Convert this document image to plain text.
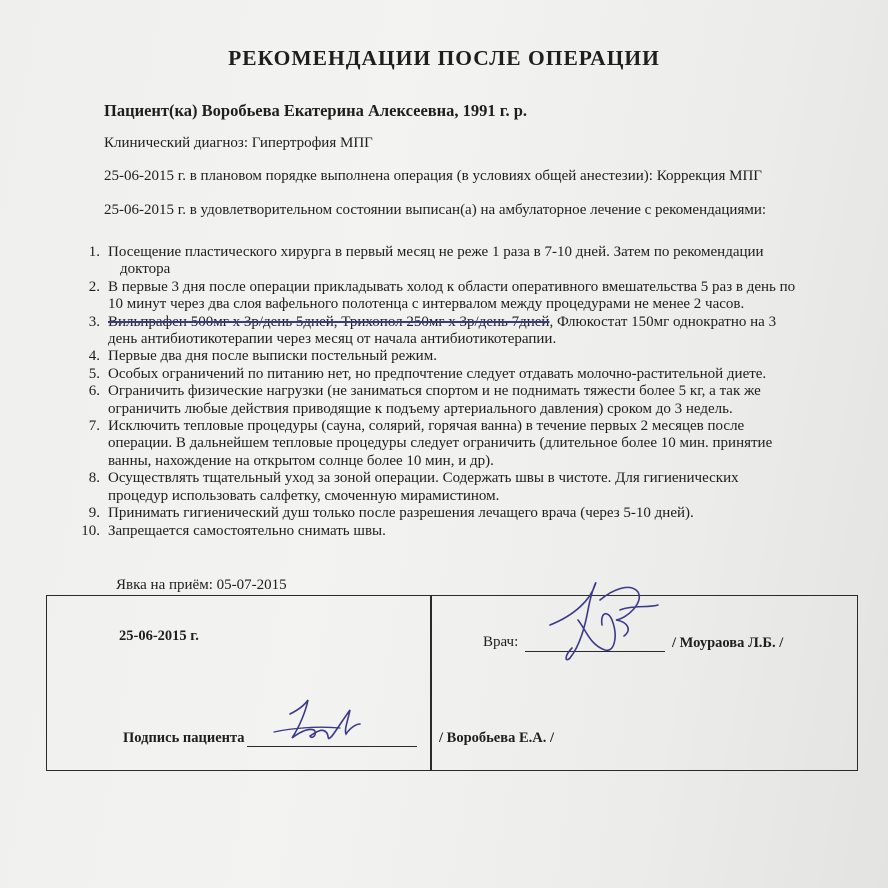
РЕКОМЕНДАЦИИ ПОСЛЕ ОПЕРАЦИИ
Пациент(ка) Воробьева Екатерина Алексеевна, 1991 г. р.
Клинический диагноз: Гипертрофия МПГ
25-06-2015 г. в плановом порядке выполнена операция (в условиях общей анестезии): Коррекция МПГ
25-06-2015 г. в удовлетворительном состоянии выписан(а) на амбулаторное лечение с рекомендациями:
1. Посещение пластического хирурга в первый месяц не реже 1 раза в 7-10 дней. Затем по рекомендации
доктора
2. В первые 3 дня после операции прикладывать холод к области оперативного вмешательства 5 раз в день по
10 минут через два слоя вафельного полотенца с интервалом между процедурами не менее 2 часов.
3. Вильпрафен 500мг х 3р/день 5дней, Трихопол 250мг х 3р/день 7дней, Флюкостат 150мг однократно на 3
день антибиотикотерапии через месяц от начала антибиотикотерапии.
4. Первые два дня после выписки постельный режим.
5. Особых ограничений по питанию нет, но предпочтение следует отдавать молочно-растительной диете.
6. Ограничить физические нагрузки (не заниматься спортом и не поднимать тяжести более 5 кг, а так же
ограничить любые действия приводящие к подъему артериального давления) сроком до 3 недель.
7. Исключить тепловые процедуры (сауна, солярий, горячая ванна) в течение первых 2 месяцев после
операции. В дальнейшем тепловые процедуры следует ограничить (длительное более 10 мин. принятие
ванны, нахождение на открытом солнце более 10 мин, и др).
8. Осуществлять тщательный уход за зоной операции. Содержать швы в чистоте. Для гигиенических
процедур использовать салфетку, смоченную мирамистином.
9. Принимать гигиенический душ только после разрешения лечащего врача (через 5-10 дней).
10. Запрещается самостоятельно снимать швы.
Явка на приём: 05-07-2015
25-06-2015 г.	Врач:	/ Моураова Л.Б. /
Подпись пациента	/ Воробьева Е.А. /
